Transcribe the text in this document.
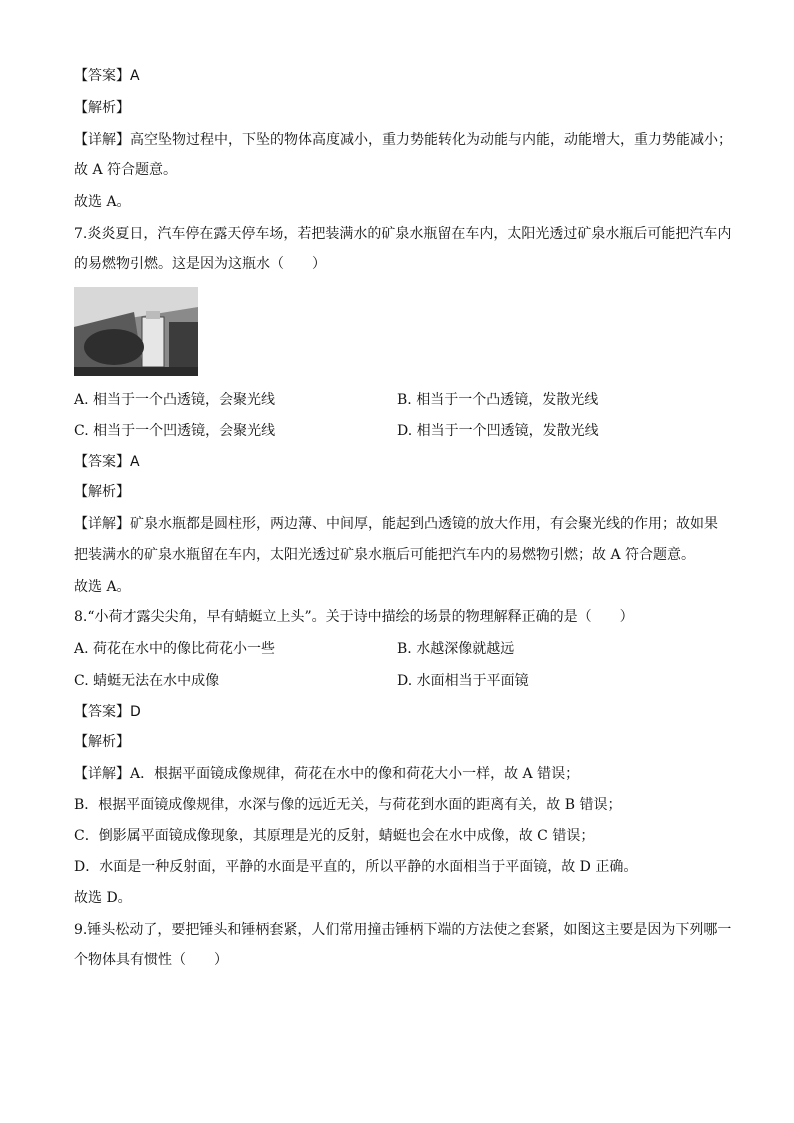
【答案】A
【解析】
【详解】高空坠物过程中，下坠的物体高度减小，重力势能转化为动能与内能，动能增大，重力势能减小；
故 A 符合题意。
故选 A。
7.炎炎夏日，汽车停在露天停车场，若把装满水的矿泉水瓶留在车内，太阳光透过矿泉水瓶后可能把汽车内
的易燃物引燃。这是因为这瓶水（　　）
A. 相当于一个凸透镜，会聚光线	B. 相当于一个凸透镜，发散光线
C. 相当于一个凹透镜，会聚光线	D. 相当于一个凹透镜，发散光线
【答案】A
【解析】
【详解】矿泉水瓶都是圆柱形，两边薄、中间厚，能起到凸透镜的放大作用，有会聚光线的作用；故如果
把装满水的矿泉水瓶留在车内，太阳光透过矿泉水瓶后可能把汽车内的易燃物引燃；故 A 符合题意。
故选 A。
8.“小荷才露尖尖角，早有蜻蜓立上头”。关于诗中描绘的场景的物理解释正确的是（　　）
A. 荷花在水中的像比荷花小一些	B. 水越深像就越远
C. 蜻蜓无法在水中成像	D. 水面相当于平面镜
【答案】D
【解析】
【详解】A．根据平面镜成像规律，荷花在水中的像和荷花大小一样，故 A 错误；
B．根据平面镜成像规律，水深与像的远近无关，与荷花到水面的距离有关，故 B 错误；
C．倒影属平面镜成像现象，其原理是光的反射，蜻蜓也会在水中成像，故 C 错误；
D．水面是一种反射面，平静的水面是平直的，所以平静的水面相当于平面镜，故 D 正确。
故选 D。
9.锤头松动了，要把锤头和锤柄套紧，人们常用撞击锤柄下端的方法使之套紧，如图这主要是因为下列哪一
个物体具有惯性（　　）
